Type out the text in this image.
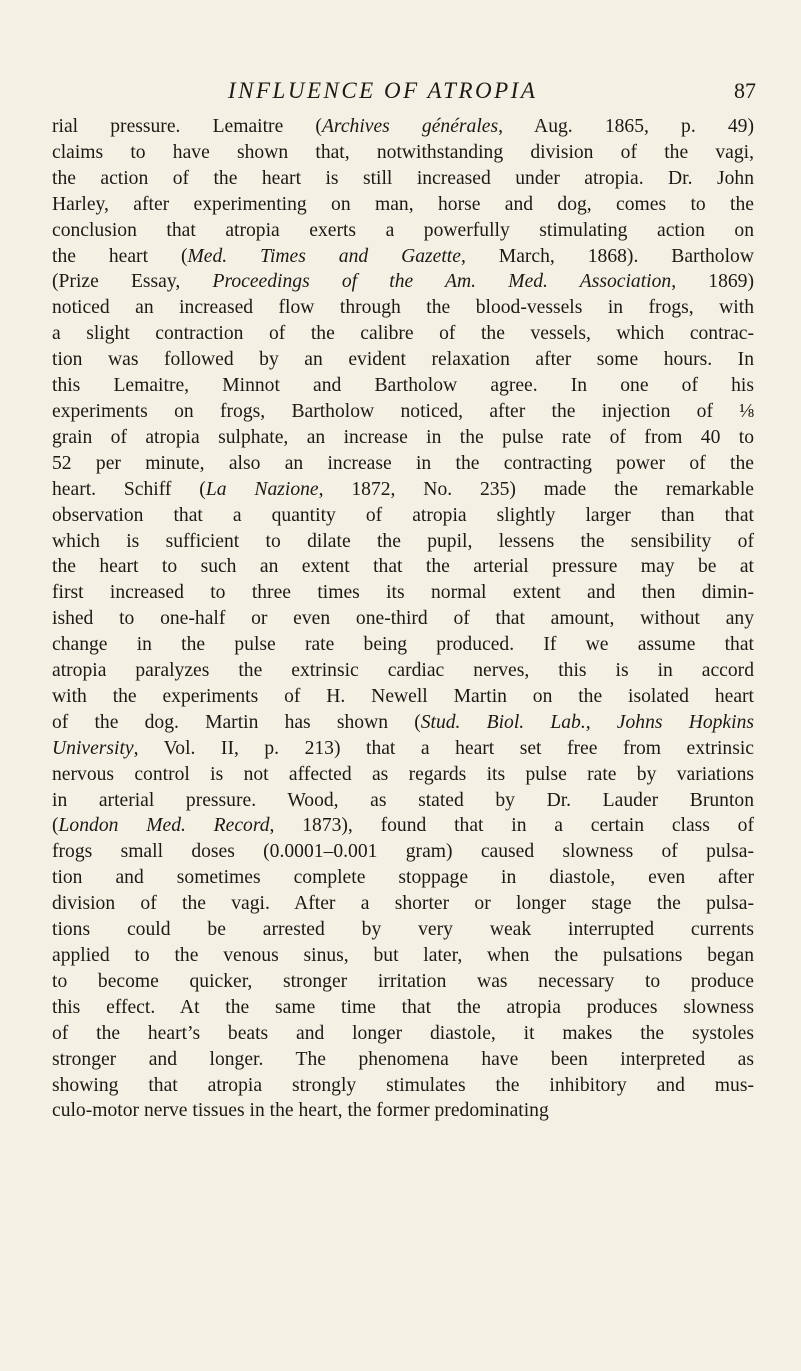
INFLUENCE OF ATROPIA	87
rial pressure. Lemaitre (Archives générales, Aug. 1865, p. 49)
claims to have shown that, notwithstanding division of the vagi,
the action of the heart is still increased under atropia. Dr. John
Harley, after experimenting on man, horse and dog, comes to the
conclusion that atropia exerts a powerfully stimulating action on
the heart (Med. Times and Gazette, March, 1868). Bartholow
(Prize Essay, Proceedings of the Am. Med. Association, 1869)
noticed an increased flow through the blood-vessels in frogs, with
a slight contraction of the calibre of the vessels, which contrac-
tion was followed by an evident relaxation after some hours. In
this Lemaitre, Minnot and Bartholow agree. In one of his
experiments on frogs, Bartholow noticed, after the injection of ⅛
grain of atropia sulphate, an increase in the pulse rate of from 40 to
52 per minute, also an increase in the contracting power of the
heart. Schiff (La Nazione, 1872, No. 235) made the remarkable
observation that a quantity of atropia slightly larger than that
which is sufficient to dilate the pupil, lessens the sensibility of
the heart to such an extent that the arterial pressure may be at
first increased to three times its normal extent and then dimin-
ished to one-half or even one-third of that amount, without any
change in the pulse rate being produced. If we assume that
atropia paralyzes the extrinsic cardiac nerves, this is in accord
with the experiments of H. Newell Martin on the isolated heart
of the dog. Martin has shown (Stud. Biol. Lab., Johns Hopkins
University, Vol. II, p. 213) that a heart set free from extrinsic
nervous control is not affected as regards its pulse rate by variations
in arterial pressure. Wood, as stated by Dr. Lauder Brunton
(London Med. Record, 1873), found that in a certain class of
frogs small doses (0.0001–0.001 gram) caused slowness of pulsa-
tion and sometimes complete stoppage in diastole, even after
division of the vagi. After a shorter or longer stage the pulsa-
tions could be arrested by very weak interrupted currents
applied to the venous sinus, but later, when the pulsations began
to become quicker, stronger irritation was necessary to produce
this effect. At the same time that the atropia produces slowness
of the heart’s beats and longer diastole, it makes the systoles
stronger and longer. The phenomena have been interpreted as
showing that atropia strongly stimulates the inhibitory and mus-
culo-motor nerve tissues in the heart, the former predominating
